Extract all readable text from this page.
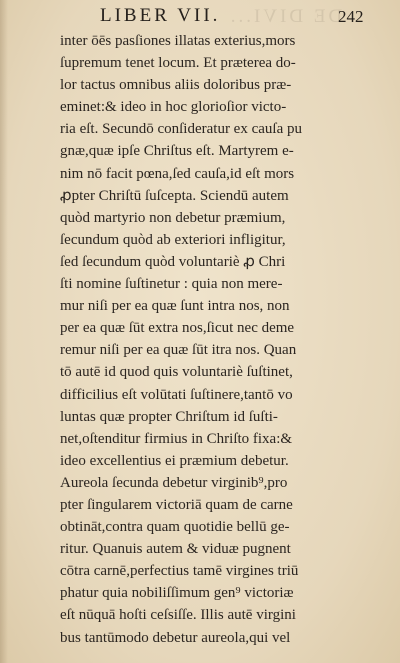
DE DIVI...
LIBER VII.	242
inter ōēs pasſiones illatas exterius,mors
ſupremum tenet locum. Et præterea do-
lor tactus omnibus aliis doloribus præ-
eminet:& ideo in hoc glorioſior victo-
ria eſt. Secundō conſideratur ex cauſa pu
gnæ,quæ ipſe Chriſtus eſt. Martyrem e-
nim nō facit pœna,ſed cauſa,id eſt mors
ꝓpter Chriſtū ſuſcepta. Sciendū autem
quòd martyrio non debetur præmium,
ſecundum quòd ab exteriori infligitur,
ſed ſecundum quòd voluntariè ꝓ Chri
ſti nomine ſuſtinetur : quia non mere-
mur niſi per ea quæ ſunt intra nos, non
per ea quæ ſūt extra nos,ſicut nec deme
remur niſi per ea quæ ſūt itra nos. Quan
tō autē id quod quis voluntariè ſuſtinet,
difficilius eſt volūtati ſuſtinere,tantō vo
luntas quæ propter Chriſtum id ſuſti-
net,oſtenditur firmius in Chriſto fixa:&
ideo excellentius ei præmium debetur.
Aureola ſecunda debetur virginib⁹,pro
pter ſingularem victoriā quam de carne
obtināt,contra quam quotidie bellū ge-
ritur. Quanuis autem & viduæ pugnent
cōtra carnē,perfectius tamē virgines triū
phatur quia nobiliſſimum gen⁹ victoriæ
eſt nūquā hoſti ceſsiſſe. Illis autē virgini
bus tantūmodo debetur aureola,qui vel
